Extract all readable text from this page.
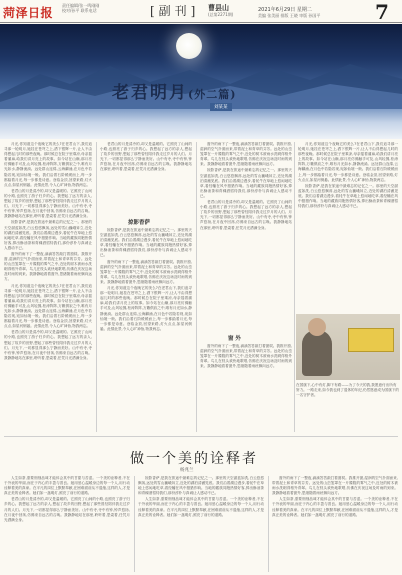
菏泽日报
责任编辑/张一鸣刚刚
校对/孙平 联系电话	[副刊] 曹县山
(总第2271期)
2021年6月29日 星期二
美编 张美丽 排版 王晓 审版 孙国平	7
老君明月(外二篇)
刘某某

月光,你知道这个夜晚它的美么?在老君山下,我们追寻那一轮明月,她挂在苍穹之上,洒下银辉一片,让人不由得想起儿时的那些夜晚。那时候总在院子里乘凉,母亲摇着蒲扇,给我们讲月亮上的故事。如今站在山巅,那月亮仿佛触手可及,山风轻拂,松涛阵阵,万籁俱寂之中,唯有月光如水,静静流淌。远处群山连绵,云海翻涌,在月色中若隐若现,宛如仙境一般。我们沿着石阶缓缓而上,每一步都踏着月光,每一步都是诗意。登临金顶,回望来路,灯火点点,如星河倒悬。此情此景,令人心旷神怡,物我两忘。

老君山的月是清冷的,却又是温暖的。它照亮了山间的小路,也照亮了游子归乡的心。我想起了远方的亲人,想起了故乡的田野,想起了那些曾经陪伴我走过岁月的人们。月光下,一切都显得那么宁静而美好。山中有寺,寺中有钟,钟声悠扬,在月夜中回荡,仿佛来自远古的召唤。我静静地站在那里,聆听着,思索着,任凭月光洒满全身。

掠影香萨,是我在旅途中最难忘的记忆之一。那里的天空湛蓝如洗,白云悠悠飘荡,远处的雪山巍峨耸立,近处的湖泊清澈见底。我们沿着湖边漫步,看牦牛在草地上悠闲地吃草,看经幡在风中猎猎作响。当地的藏族同胞热情好客,捧出酥油茶和青稞酒招待我们,那份淳朴与真诚让人感动不已。

窗外的雨下了一整夜,滴滴答答敲打着窗棂。我推开窗,湿润的空气扑面而来,带着泥土和青草的芬芳。远处的山峦笼罩在一片朦胧的雾气之中,近处的树木被雨水洗刷得格外青翠。鸟儿在枝头欢快地歌唱,仿佛在庆祝这场及时雨的到来。我静静地看着窗外,思绪随着雨丝飘向远方。

月光,你知道这个夜晚它的美么?在老君山下,我们追寻那一轮明月,她挂在苍穹之上,洒下银辉一片,让人不由得想起儿时的那些夜晚。那时候总在院子里乘凉,母亲摇着蒲扇,给我们讲月亮上的故事。如今站在山巅,那月亮仿佛触手可及,山风轻拂,松涛阵阵,万籁俱寂之中,唯有月光如水,静静流淌。远处群山连绵,云海翻涌,在月色中若隐若现,宛如仙境一般。我们沿着石阶缓缓而上,每一步都踏着月光,每一步都是诗意。登临金顶,回望来路,灯火点点,如星河倒悬。此情此景,令人心旷神怡,物我两忘。

老君山的月是清冷的,却又是温暖的。它照亮了山间的小路,也照亮了游子归乡的心。我想起了远方的亲人,想起了故乡的田野,想起了那些曾经陪伴我走过岁月的人们。月光下,一切都显得那么宁静而美好。山中有寺,寺中有钟,钟声悠扬,在月夜中回荡,仿佛来自远古的召唤。我静静地站在那里,聆听着,思索着,任凭月光洒满全身。

老君山的月是清冷的,却又是温暖的。它照亮了山间的小路,也照亮了游子归乡的心。我想起了远方的亲人,想起了故乡的田野,想起了那些曾经陪伴我走过岁月的人们。月光下,一切都显得那么宁静而美好。山中有寺,寺中有钟,钟声悠扬,在月夜中回荡,仿佛来自远古的召唤。我静静地站在那里,聆听着,思索着,任凭月光洒满全身。

掠影香萨

掠影香萨,是我在旅途中最难忘的记忆之一。那里的天空湛蓝如洗,白云悠悠飘荡,远处的雪山巍峨耸立,近处的湖泊清澈见底。我们沿着湖边漫步,看牦牛在草地上悠闲地吃草,看经幡在风中猎猎作响。当地的藏族同胞热情好客,捧出酥油茶和青稞酒招待我们,那份淳朴与真诚让人感动不已。

窗外的雨下了一整夜,滴滴答答敲打着窗棂。我推开窗,湿润的空气扑面而来,带着泥土和青草的芬芳。远处的山峦笼罩在一片朦胧的雾气之中,近处的树木被雨水洗刷得格外青翠。鸟儿在枝头欢快地歌唱,仿佛在庆祝这场及时雨的到来。我静静地看着窗外,思绪随着雨丝飘向远方。

月光,你知道这个夜晚它的美么?在老君山下,我们追寻那一轮明月,她挂在苍穹之上,洒下银辉一片,让人不由得想起儿时的那些夜晚。那时候总在院子里乘凉,母亲摇着蒲扇,给我们讲月亮上的故事。如今站在山巅,那月亮仿佛触手可及,山风轻拂,松涛阵阵,万籁俱寂之中,唯有月光如水,静静流淌。远处群山连绵,云海翻涌,在月色中若隐若现,宛如仙境一般。我们沿着石阶缓缓而上,每一步都踏着月光,每一步都是诗意。登临金顶,回望来路,灯火点点,如星河倒悬。此情此景,令人心旷神怡,物我两忘。

窗外的雨下了一整夜,滴滴答答敲打着窗棂。我推开窗,湿润的空气扑面而来,带着泥土和青草的芬芳。远处的山峦笼罩在一片朦胧的雾气之中,近处的树木被雨水洗刷得格外青翠。鸟儿在枝头欢快地歌唱,仿佛在庆祝这场及时雨的到来。我静静地看着窗外,思绪随着雨丝飘向远方。

掠影香萨,是我在旅途中最难忘的记忆之一。那里的天空湛蓝如洗,白云悠悠飘荡,远处的雪山巍峨耸立,近处的湖泊清澈见底。我们沿着湖边漫步,看牦牛在草地上悠闲地吃草,看经幡在风中猎猎作响。当地的藏族同胞热情好客,捧出酥油茶和青稞酒招待我们,那份淳朴与真诚让人感动不已。

老君山的月是清冷的,却又是温暖的。它照亮了山间的小路,也照亮了游子归乡的心。我想起了远方的亲人,想起了故乡的田野,想起了那些曾经陪伴我走过岁月的人们。月光下,一切都显得那么宁静而美好。山中有寺,寺中有钟,钟声悠扬,在月夜中回荡,仿佛来自远古的召唤。我静静地站在那里,聆听着,思索着,任凭月光洒满全身。

窗 外

窗外的雨下了一整夜,滴滴答答敲打着窗棂。我推开窗,湿润的空气扑面而来,带着泥土和青草的芬芳。远处的山峦笼罩在一片朦胧的雾气之中,近处的树木被雨水洗刷得格外青翠。鸟儿在枝头欢快地歌唱,仿佛在庆祝这场及时雨的到来。我静静地看着窗外,思绪随着雨丝飘向远方。

月光,你知道这个夜晚它的美么?在老君山下,我们追寻那一轮明月,她挂在苍穹之上,洒下银辉一片,让人不由得想起儿时的那些夜晚。那时候总在院子里乘凉,母亲摇着蒲扇,给我们讲月亮上的故事。如今站在山巅,那月亮仿佛触手可及,山风轻拂,松涛阵阵,万籁俱寂之中,唯有月光如水,静静流淌。远处群山连绵,云海翻涌,在月色中若隐若现,宛如仙境一般。我们沿着石阶缓缓而上,每一步都踏着月光,每一步都是诗意。登临金顶,回望来路,灯火点点,如星河倒悬。此情此景,令人心旷神怡,物我两忘。

掠影香萨,是我在旅途中最难忘的记忆之一。那里的天空湛蓝如洗,白云悠悠飘荡,远处的雪山巍峨耸立,近处的湖泊清澈见底。我们沿着湖边漫步,看牦牛在草地上悠闲地吃草,看经幡在风中猎猎作响。当地的藏族同胞热情好客,捧出酥油茶和青稞酒招待我们,那份淳朴与真诚让人感动不已。

在国旗下,心中有灯,脚下有路——为了今天的我,我愿意付出所有努力。一路走来,如今我也到了退休的年纪,仍然愿意成为国旗下的一名守护者。
做一个美的诠释者
杨兆兰

人生如茶,需要细细品味才能体会其中的甘甜与苦涩。一个美的诠释者,不在于外表的华丽,而在于内心的丰盈与善良。她用爱心温暖身边的每一个人,用行动诠释着美的真谛。在平凡的岗位上默默奉献,在困难面前从不退缩,这样的人,才是真正美的诠释者。她们如一盏明灯,照亮了前行的道路。

老君山的月是清冷的,却又是温暖的。它照亮了山间的小路,也照亮了游子归乡的心。我想起了远方的亲人,想起了故乡的田野,想起了那些曾经陪伴我走过岁月的人们。月光下,一切都显得那么宁静而美好。山中有寺,寺中有钟,钟声悠扬,在月夜中回荡,仿佛来自远古的召唤。我静静地站在那里,聆听着,思索着,任凭月光洒满全身。

掠影香萨,是我在旅途中最难忘的记忆之一。那里的天空湛蓝如洗,白云悠悠飘荡,远处的雪山巍峨耸立,近处的湖泊清澈见底。我们沿着湖边漫步,看牦牛在草地上悠闲地吃草,看经幡在风中猎猎作响。当地的藏族同胞热情好客,捧出酥油茶和青稞酒招待我们,那份淳朴与真诚让人感动不已。

人生如茶,需要细细品味才能体会其中的甘甜与苦涩。一个美的诠释者,不在于外表的华丽,而在于内心的丰盈与善良。她用爱心温暖身边的每一个人,用行动诠释着美的真谛。在平凡的岗位上默默奉献,在困难面前从不退缩,这样的人,才是真正美的诠释者。她们如一盏明灯,照亮了前行的道路。

窗外的雨下了一整夜,滴滴答答敲打着窗棂。我推开窗,湿润的空气扑面而来,带着泥土和青草的芬芳。远处的山峦笼罩在一片朦胧的雾气之中,近处的树木被雨水洗刷得格外青翠。鸟儿在枝头欢快地歌唱,仿佛在庆祝这场及时雨的到来。我静静地看着窗外,思绪随着雨丝飘向远方。

人生如茶,需要细细品味才能体会其中的甘甜与苦涩。一个美的诠释者,不在于外表的华丽,而在于内心的丰盈与善良。她用爱心温暖身边的每一个人,用行动诠释着美的真谛。在平凡的岗位上默默奉献,在困难面前从不退缩,这样的人,才是真正美的诠释者。她们如一盏明灯,照亮了前行的道路。
